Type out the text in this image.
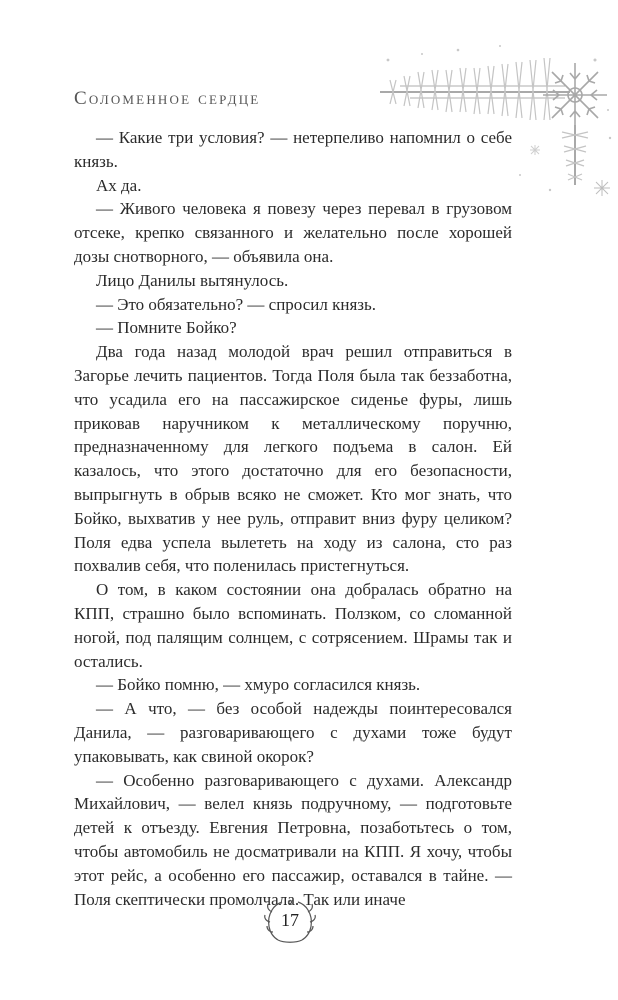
Соломенное сердце

— Какие три условия? — нетерпеливо напомнил о себе князь.

Ах да.

— Живого человека я повезу через перевал в грузовом отсеке, крепко связанного и желательно после хорошей дозы снотворного, — объявила она.

Лицо Данилы вытянулось.

— Это обязательно? — спросил князь.

— Помните Бойко?

Два года назад молодой врач решил отправиться в Загорье лечить пациентов. Тогда Поля была так беззаботна, что усадила его на пассажирское сиденье фуры, лишь приковав наручником к металлическому поручню, предназначенному для легкого подъема в салон. Ей казалось, что этого достаточно для его безопасности, выпрыгнуть в обрыв всяко не сможет. Кто мог знать, что Бойко, выхватив у нее руль, отправит вниз фуру целиком? Поля едва успела вылететь на ходу из салона, сто раз похвалив себя, что поленилась пристегнуться.

О том, в каком состоянии она добралась обратно на КПП, страшно было вспоминать. Ползком, со сломанной ногой, под палящим солнцем, с сотрясением. Шрамы так и остались.

— Бойко помню, — хмуро согласился князь.

— А что, — без особой надежды поинтересовался Данила, — разговаривающего с духами тоже будут упаковывать, как свиной окорок?

— Особенно разговаривающего с духами. Александр Михайлович, — велел князь подручному, — подготовьте детей к отъезду. Евгения Петровна, позаботьтесь о том, чтобы автомобиль не досматривали на КПП. Я хочу, чтобы этот рейс, а особенно его пассажир, оставался в тайне. — Поля скептически промолчала. Так или иначе

17
